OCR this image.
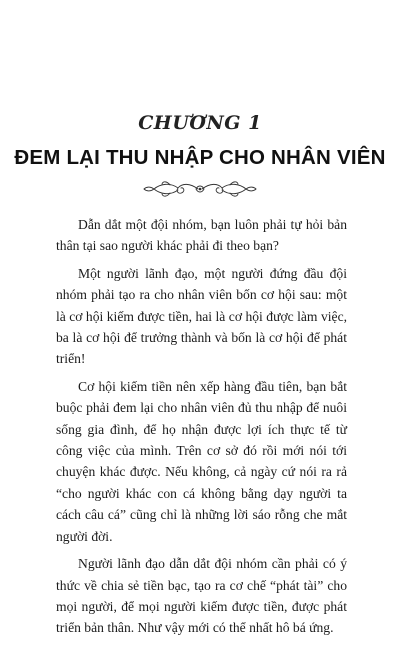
CHƯƠNG 1
ĐEM LẠI THU NHẬP CHO NHÂN VIÊN

Dẫn dắt một đội nhóm, bạn luôn phải tự hỏi bản thân tại sao người khác phải đi theo bạn?

Một người lãnh đạo, một người đứng đầu đội nhóm phải tạo ra cho nhân viên bốn cơ hội sau: một là cơ hội kiếm được tiền, hai là cơ hội được làm việc, ba là cơ hội để trưởng thành và bốn là cơ hội để phát triển!

Cơ hội kiếm tiền nên xếp hàng đầu tiên, bạn bắt buộc phải đem lại cho nhân viên đủ thu nhập để nuôi sống gia đình, để họ nhận được lợi ích thực tế từ công việc của mình. Trên cơ sở đó rồi mới nói tới chuyện khác được. Nếu không, cả ngày cứ nói ra rả “cho người khác con cá không bằng dạy người ta cách câu cá” cũng chỉ là những lời sáo rỗng che mắt người đời.

Người lãnh đạo dẫn dắt đội nhóm cần phải có ý thức về chia sẻ tiền bạc, tạo ra cơ chế “phát tài” cho mọi người, để mọi người kiếm được tiền, được phát triển bản thân. Như vậy mới có thể nhất hô bá ứng.
